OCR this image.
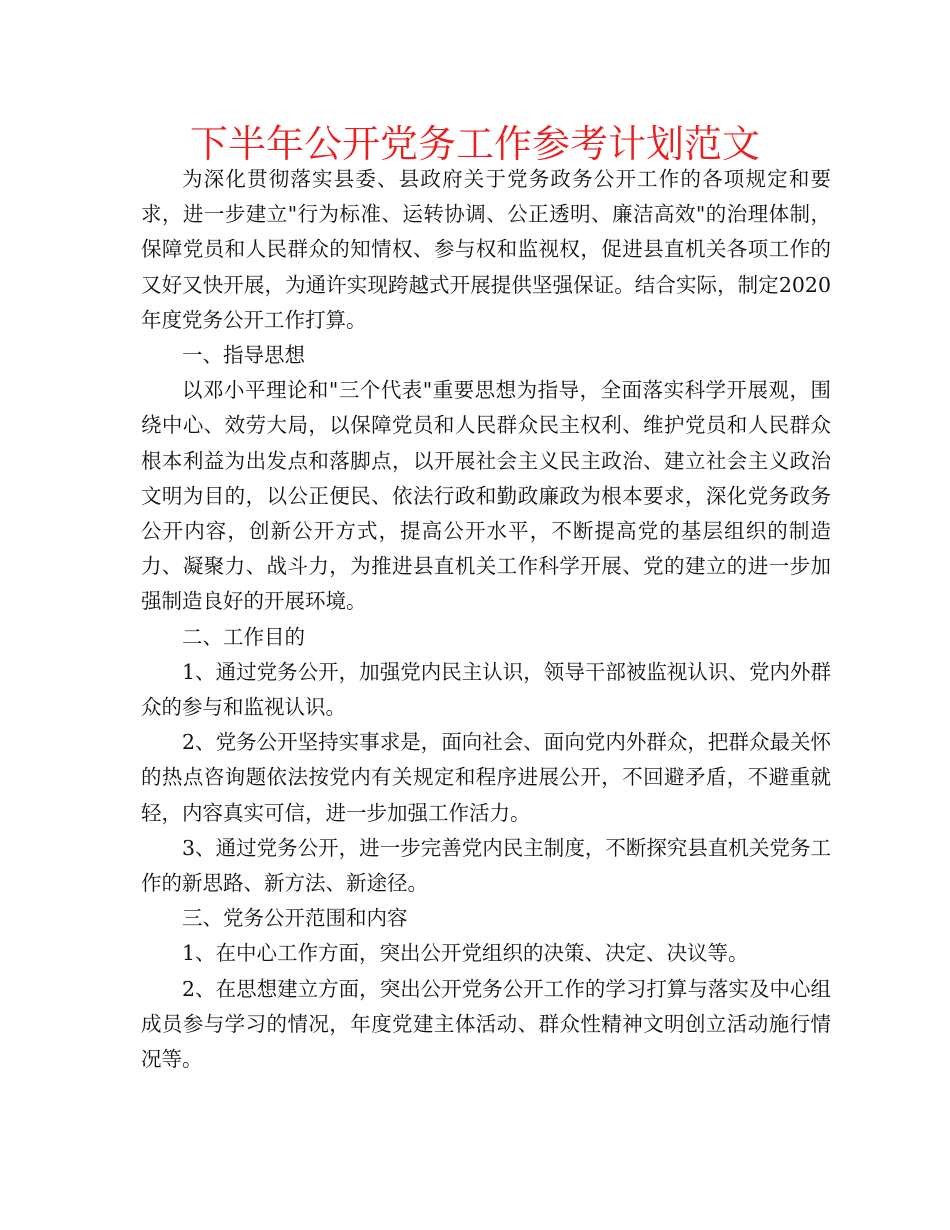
下半年公开党务工作参考计划范文

为深化贯彻落实县委、县政府关于党务政务公开工作的各项规定和要求，进一步建立"行为标准、运转协调、公正透明、廉洁高效"的治理体制，保障党员和人民群众的知情权、参与权和监视权，促进县直机关各项工作的又好又快开展，为通许实现跨越式开展提供坚强保证。结合实际，制定2020年度党务公开工作打算。

一、指导思想

以邓小平理论和"三个代表"重要思想为指导，全面落实科学开展观，围绕中心、效劳大局，以保障党员和人民群众民主权利、维护党员和人民群众根本利益为出发点和落脚点，以开展社会主义民主政治、建立社会主义政治文明为目的，以公正便民、依法行政和勤政廉政为根本要求，深化党务政务公开内容，创新公开方式，提高公开水平，不断提高党的基层组织的制造力、凝聚力、战斗力，为推进县直机关工作科学开展、党的建立的进一步加强制造良好的开展环境。

二、工作目的

1、通过党务公开，加强党内民主认识，领导干部被监视认识、党内外群众的参与和监视认识。

2、党务公开坚持实事求是，面向社会、面向党内外群众，把群众最关怀的热点咨询题依法按党内有关规定和程序进展公开，不回避矛盾，不避重就轻，内容真实可信，进一步加强工作活力。

3、通过党务公开，进一步完善党内民主制度，不断探究县直机关党务工作的新思路、新方法、新途径。

三、党务公开范围和内容

1、在中心工作方面，突出公开党组织的决策、决定、决议等。

2、在思想建立方面，突出公开党务公开工作的学习打算与落实及中心组成员参与学习的情况，年度党建主体活动、群众性精神文明创立活动施行情况等。
